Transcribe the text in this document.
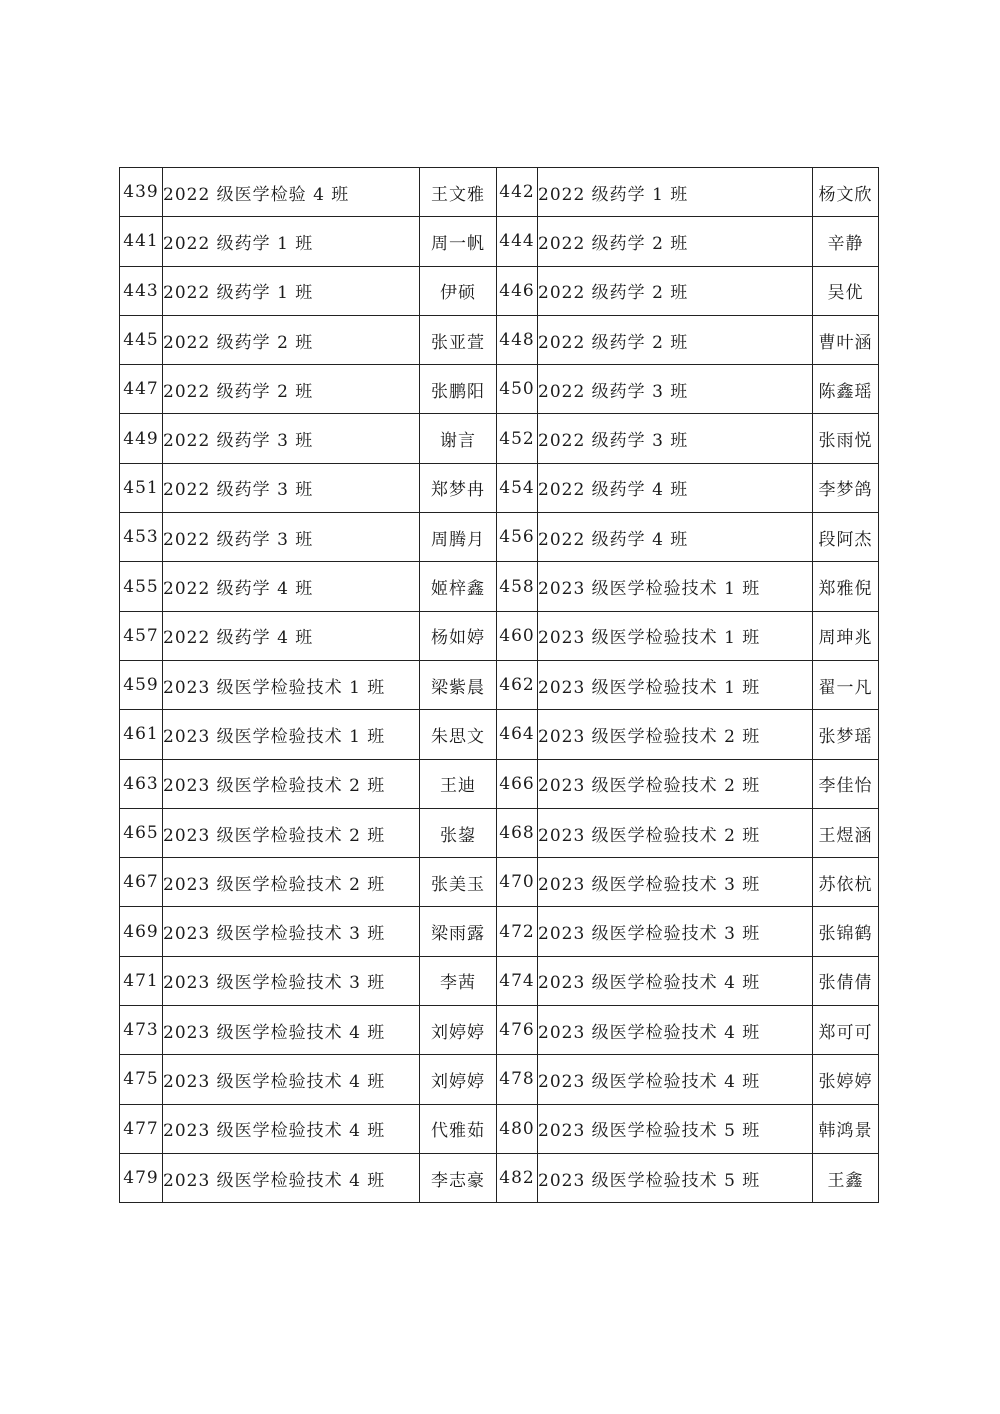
439	2022 级医学检验 4 班	王文雅	442	2022 级药学 1 班	杨文欣
441	2022 级药学 1 班	周一帆	444	2022 级药学 2 班	辛静
443	2022 级药学 1 班	伊硕	446	2022 级药学 2 班	吴优
445	2022 级药学 2 班	张亚萱	448	2022 级药学 2 班	曹叶涵
447	2022 级药学 2 班	张鹏阳	450	2022 级药学 3 班	陈鑫瑶
449	2022 级药学 3 班	谢言	452	2022 级药学 3 班	张雨悦
451	2022 级药学 3 班	郑梦冉	454	2022 级药学 4 班	李梦鸽
453	2022 级药学 3 班	周腾月	456	2022 级药学 4 班	段阿杰
455	2022 级药学 4 班	姬梓鑫	458	2023 级医学检验技术 1 班	郑雅倪
457	2022 级药学 4 班	杨如婷	460	2023 级医学检验技术 1 班	周珅兆
459	2023 级医学检验技术 1 班	梁紫晨	462	2023 级医学检验技术 1 班	翟一凡
461	2023 级医学检验技术 1 班	朱思文	464	2023 级医学检验技术 2 班	张梦瑶
463	2023 级医学检验技术 2 班	王迪	466	2023 级医学检验技术 2 班	李佳怡
465	2023 级医学检验技术 2 班	张鋆	468	2023 级医学检验技术 2 班	王煜涵
467	2023 级医学检验技术 2 班	张美玉	470	2023 级医学检验技术 3 班	苏依杭
469	2023 级医学检验技术 3 班	梁雨露	472	2023 级医学检验技术 3 班	张锦鹤
471	2023 级医学检验技术 3 班	李茜	474	2023 级医学检验技术 4 班	张倩倩
473	2023 级医学检验技术 4 班	刘婷婷	476	2023 级医学检验技术 4 班	郑可可
475	2023 级医学检验技术 4 班	刘婷婷	478	2023 级医学检验技术 4 班	张婷婷
477	2023 级医学检验技术 4 班	代雅茹	480	2023 级医学检验技术 5 班	韩鸿景
479	2023 级医学检验技术 4 班	李志豪	482	2023 级医学检验技术 5 班	王鑫
